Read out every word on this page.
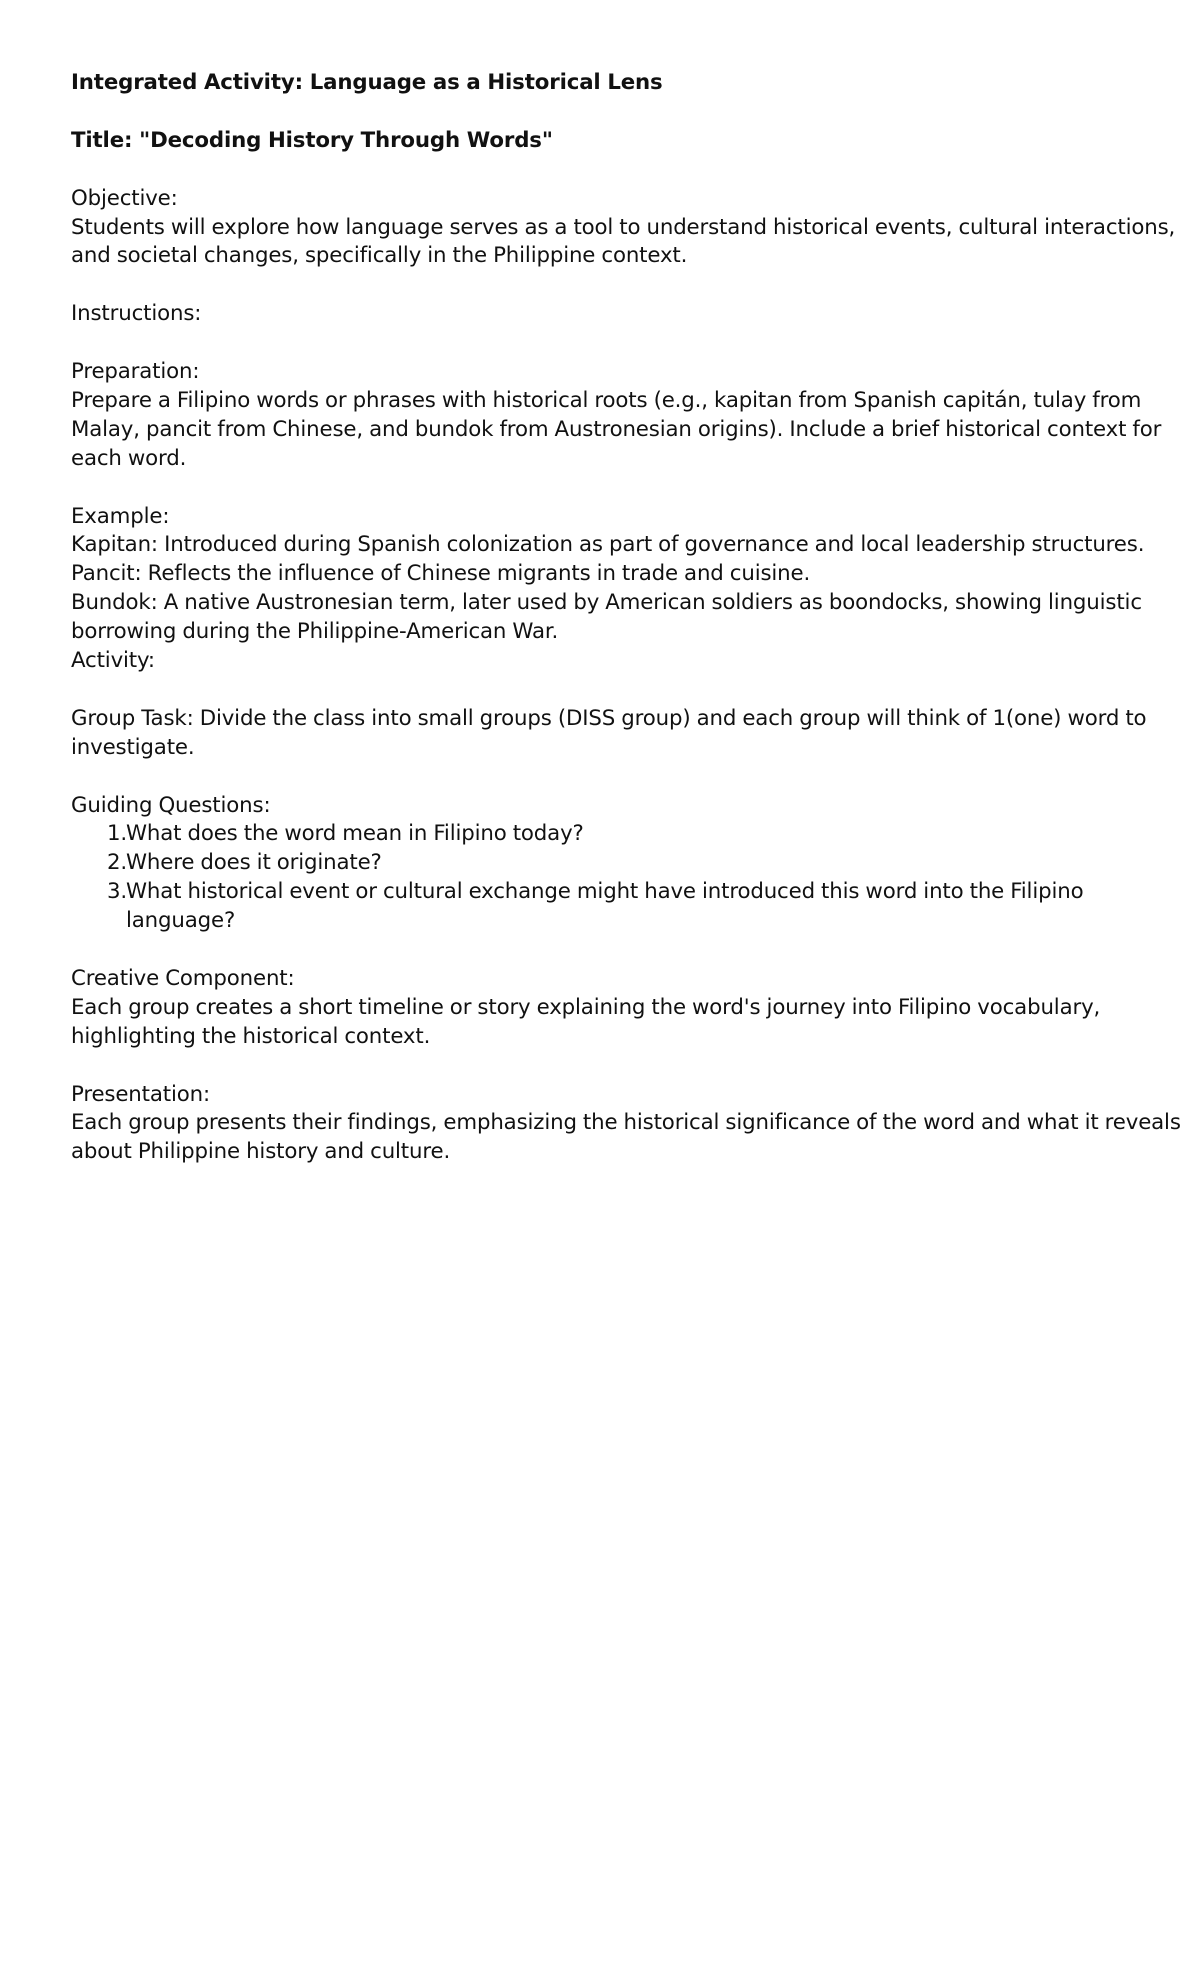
Integrated Activity: Language as a Historical Lens
Title: "Decoding History Through Words"
Objective:
Students will explore how language serves as a tool to understand historical events, cultural interactions,
and societal changes, specifically in the Philippine context.
Instructions:
Preparation:
Prepare a Filipino words or phrases with historical roots (e.g., kapitan from Spanish capitán, tulay from
Malay, pancit from Chinese, and bundok from Austronesian origins). Include a brief historical context for
each word.
Example:
Kapitan: Introduced during Spanish colonization as part of governance and local leadership structures.
Pancit: Reflects the influence of Chinese migrants in trade and cuisine.
Bundok: A native Austronesian term, later used by American soldiers as boondocks, showing linguistic
borrowing during the Philippine-American War.
Activity:
Group Task: Divide the class into small groups (DISS group) and each group will think of 1(one) word to
investigate.
Guiding Questions:
1.
What does the word mean in Filipino today?
2.
Where does it originate?
3.
What historical event or cultural exchange might have introduced this word into the Filipino
language?
Creative Component:
Each group creates a short timeline or story explaining the word's journey into Filipino vocabulary,
highlighting the historical context.
Presentation:
Each group presents their findings, emphasizing the historical significance of the word and what it reveals
about Philippine history and culture.
